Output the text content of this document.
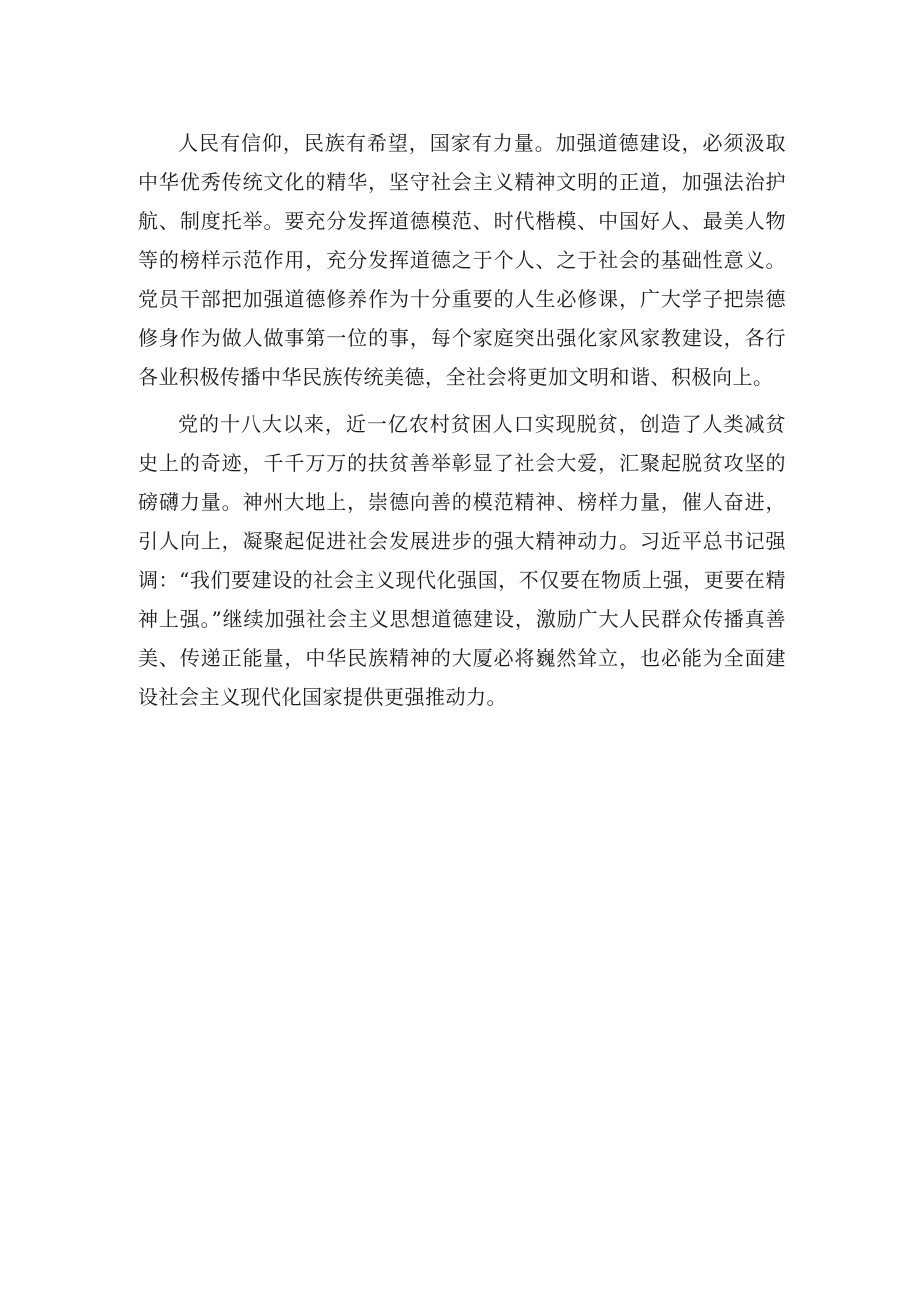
人民有信仰，民族有希望，国家有力量。加强道德建设，必须汲取中华优秀传统文化的精华，坚守社会主义精神文明的正道，加强法治护航、制度托举。要充分发挥道德模范、时代楷模、中国好人、最美人物等的榜样示范作用，充分发挥道德之于个人、之于社会的基础性意义。党员干部把加强道德修养作为十分重要的人生必修课，广大学子把崇德修身作为做人做事第一位的事，每个家庭突出强化家风家教建设，各行各业积极传播中华民族传统美德，全社会将更加文明和谐、积极向上。

党的十八大以来，近一亿农村贫困人口实现脱贫，创造了人类减贫史上的奇迹，千千万万的扶贫善举彰显了社会大爱，汇聚起脱贫攻坚的磅礴力量。神州大地上，崇德向善的模范精神、榜样力量，催人奋进，引人向上，凝聚起促进社会发展进步的强大精神动力。习近平总书记强调：“我们要建设的社会主义现代化强国，不仅要在物质上强，更要在精神上强。”继续加强社会主义思想道德建设，激励广大人民群众传播真善美、传递正能量，中华民族精神的大厦必将巍然耸立，也必能为全面建设社会主义现代化国家提供更强推动力。
